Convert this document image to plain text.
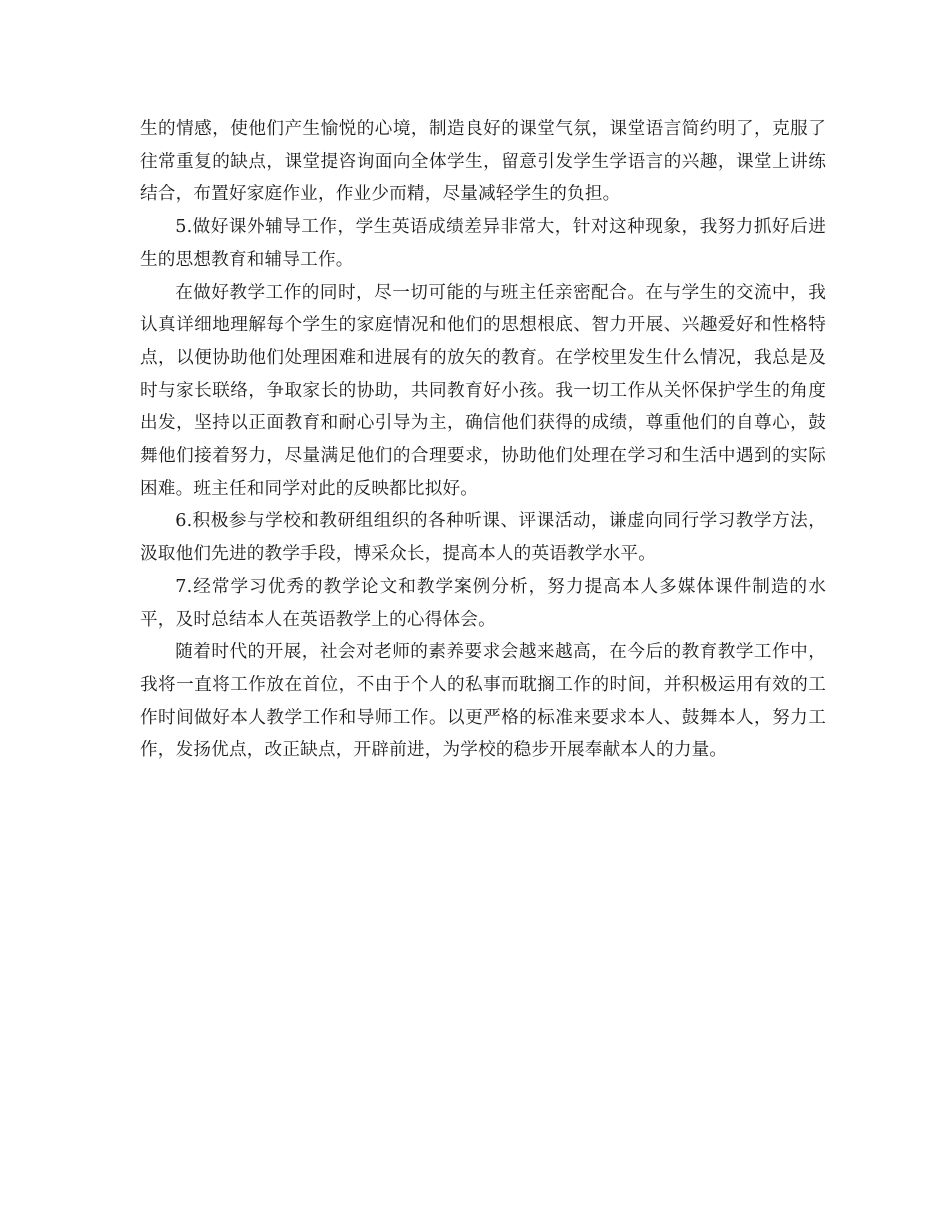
生的情感，使他们产生愉悦的心境，制造良好的课堂气氛，课堂语言简约明了，克服了往常重复的缺点，课堂提咨询面向全体学生，留意引发学生学语言的兴趣，课堂上讲练结合，布置好家庭作业，作业少而精，尽量减轻学生的负担。

5.做好课外辅导工作，学生英语成绩差异非常大，针对这种现象，我努力抓好后进生的思想教育和辅导工作。

在做好教学工作的同时，尽一切可能的与班主任亲密配合。在与学生的交流中，我认真详细地理解每个学生的家庭情况和他们的思想根底、智力开展、兴趣爱好和性格特点，以便协助他们处理困难和进展有的放矢的教育。在学校里发生什么情况，我总是及时与家长联络，争取家长的协助，共同教育好小孩。我一切工作从关怀保护学生的角度出发，坚持以正面教育和耐心引导为主，确信他们获得的成绩，尊重他们的自尊心，鼓舞他们接着努力，尽量满足他们的合理要求，协助他们处理在学习和生活中遇到的实际困难。班主任和同学对此的反映都比拟好。

6.积极参与学校和教研组组织的各种听课、评课活动，谦虚向同行学习教学方法，汲取他们先进的教学手段，博采众长，提高本人的英语教学水平。

7.经常学习优秀的教学论文和教学案例分析，努力提高本人多媒体课件制造的水平，及时总结本人在英语教学上的心得体会。

随着时代的开展，社会对老师的素养要求会越来越高，在今后的教育教学工作中，我将一直将工作放在首位，不由于个人的私事而耽搁工作的时间，并积极运用有效的工作时间做好本人教学工作和导师工作。以更严格的标准来要求本人、鼓舞本人，努力工作，发扬优点，改正缺点，开辟前进，为学校的稳步开展奉献本人的力量。
